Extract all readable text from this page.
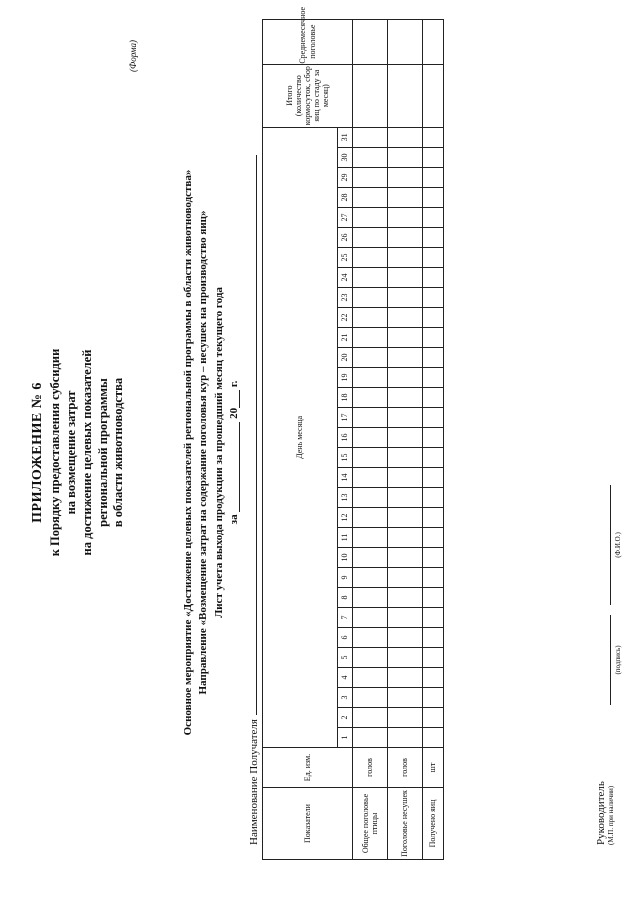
ПРИЛОЖЕНИЕ № 6 к Порядку предоставления субсидии на возмещение затрат на достижение целевых показателей региональной программы в области животноводства
(Форма)
Основное мероприятие «Достижение целевых показателей региональной программы в области животноводства» Направление «Возмещение затрат на содержание поголовья кур – несушек на производство яиц» Лист учета выхода продукции за прошедший месяц текущего года за  20 г.
Наименование Получателя	Показатели	Ед. изм.	День месяца																															Итого (количество кормосуток, сбор яиц по стаду за месяц)	Среднемесячное поголовье
		1	2	3	4	5	6	7	8	9	10	11	12	13	14	15	16	17	18	19	20	21	22	23	24	25	26	27	28	29	30	31		
Общее поголовье птицы	голов																																	
Поголовье несушек	голов																																	
Получено яиц	шт																																	
Руководитель (М.П. при наличии)
(подпись)
(Ф.И.О.)
